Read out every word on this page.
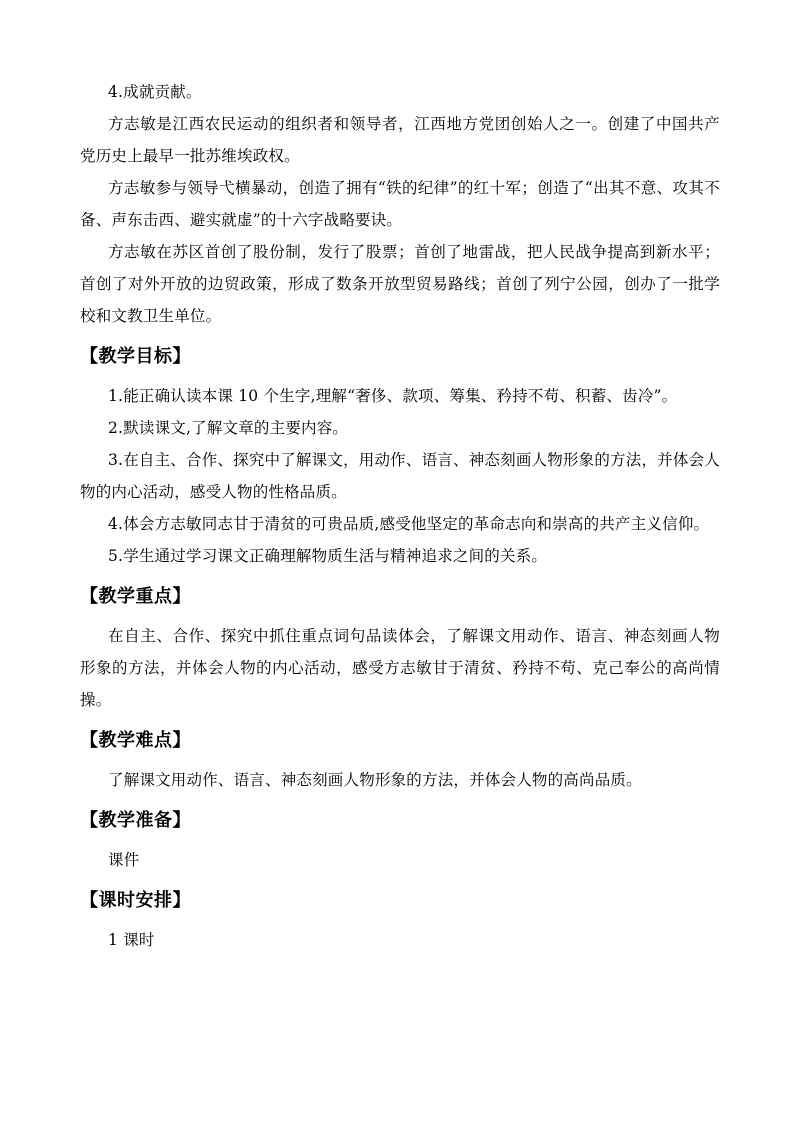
4.成就贡献。

方志敏是江西农民运动的组织者和领导者，江西地方党团创始人之一。创建了中国共产党历史上最早一批苏维埃政权。

方志敏参与领导弋横暴动，创造了拥有“铁的纪律”的红十军；创造了“出其不意、攻其不备、声东击西、避实就虚”的十六字战略要诀。

方志敏在苏区首创了股份制，发行了股票；首创了地雷战，把人民战争提高到新水平；首创了对外开放的边贸政策，形成了数条开放型贸易路线；首创了列宁公园，创办了一批学校和文教卫生单位。

【教学目标】

1.能正确认读本课 10 个生字,理解“奢侈、款项、筹集、矜持不苟、积蓄、齿冷”。

2.默读课文,了解文章的主要内容。

3.在自主、合作、探究中了解课文，用动作、语言、神态刻画人物形象的方法，并体会人物的内心活动，感受人物的性格品质。

4.体会方志敏同志甘于清贫的可贵品质,感受他坚定的革命志向和崇高的共产主义信仰。

5.学生通过学习课文正确理解物质生活与精神追求之间的关系。

【教学重点】

在自主、合作、探究中抓住重点词句品读体会，了解课文用动作、语言、神态刻画人物形象的方法，并体会人物的内心活动，感受方志敏甘于清贫、矜持不苟、克己奉公的高尚情操。

【教学难点】

了解课文用动作、语言、神态刻画人物形象的方法，并体会人物的高尚品质。

【教学准备】

课件

【课时安排】

1 课时
